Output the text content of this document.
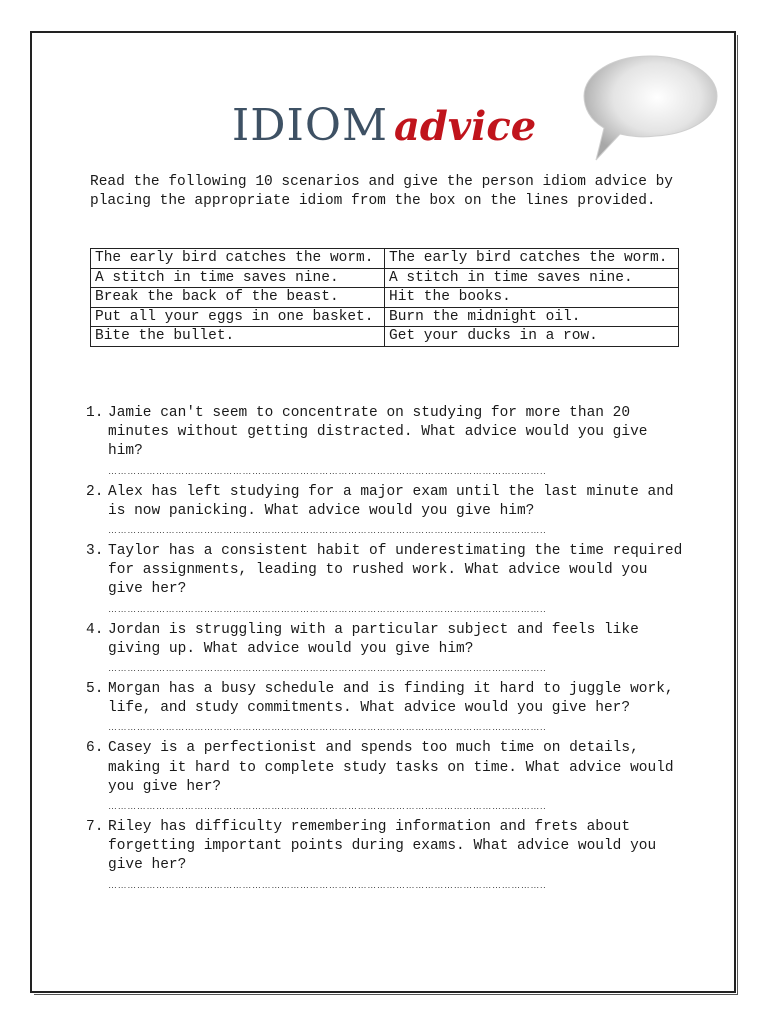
IDIOM advice

Read the following 10 scenarios and give the person idiom advice by placing the appropriate idiom from the box on the lines provided.

The early bird catches the worm.	The early bird catches the worm.
A stitch in time saves nine.	A stitch in time saves nine.
Break the back of the beast.	Hit the books.
Put all your eggs in one basket.	Burn the midnight oil.
Bite the bullet.	Get your ducks in a row.
1. Jamie can't seem to concentrate on studying for more than 20 minutes without getting distracted. What advice would you give him?
………………………………………………………………………………………………………………………..
2. Alex has left studying for a major exam until the last minute and is now panicking. What advice would you give him?
………………………………………………………………………………………………………………………..
3. Taylor has a consistent habit of underestimating the time required for assignments, leading to rushed work. What advice would you give her?
………………………………………………………………………………………………………………………..
4. Jordan is struggling with a particular subject and feels like giving up. What advice would you give him?
………………………………………………………………………………………………………………………..
5. Morgan has a busy schedule and is finding it hard to juggle work, life, and study commitments. What advice would you give her?
………………………………………………………………………………………………………………………..
6. Casey is a perfectionist and spends too much time on details, making it hard to complete study tasks on time. What advice would you give her?
………………………………………………………………………………………………………………………..
7. Riley has difficulty remembering information and frets about forgetting important points during exams. What advice would you give her?
………………………………………………………………………………………………………………………..
